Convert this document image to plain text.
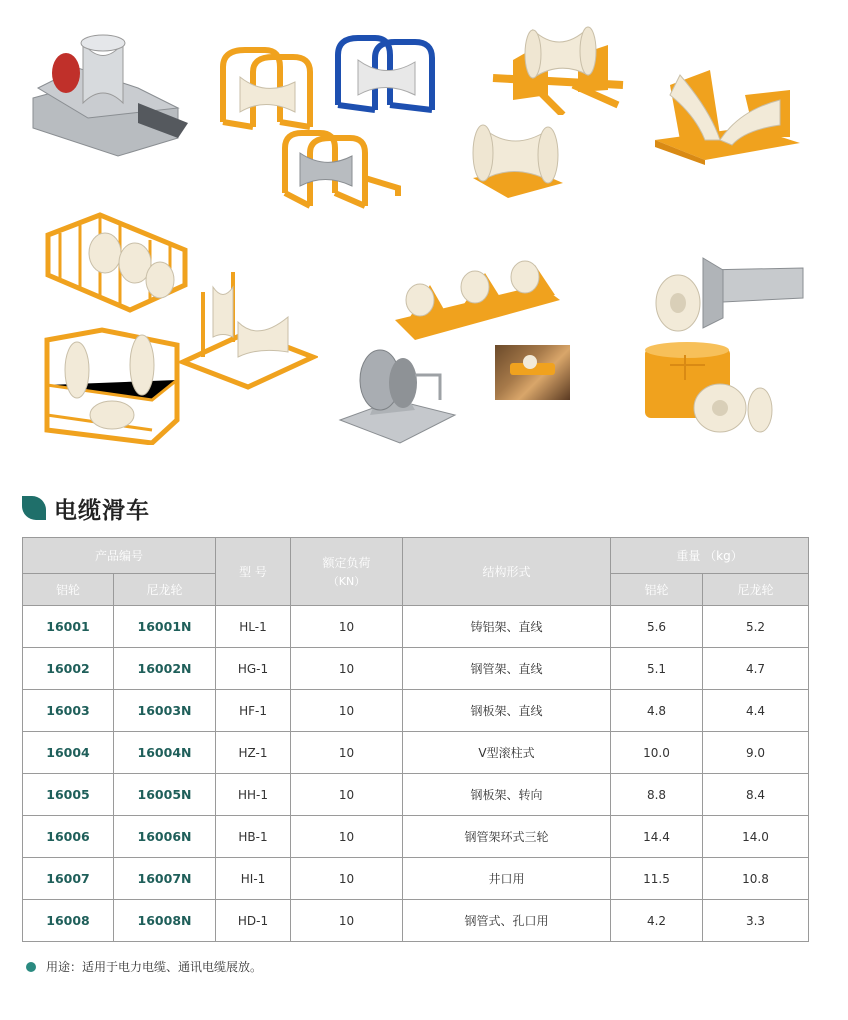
电缆滑车
产品编号		型 号	额定负荷
（KN）	结构形式	重量 （kg）	
铝轮	尼龙轮				铝轮	尼龙轮
16001	16001N	HL-1	10	铸铝架、直线	5.6	5.2
16002	16002N	HG-1	10	钢管架、直线	5.1	4.7
16003	16003N	HF-1	10	钢板架、直线	4.8	4.4
16004	16004N	HZ-1	10	V型滚柱式	10.0	9.0
16005	16005N	HH-1	10	钢板架、转向	8.8	8.4
16006	16006N	HB-1	10	钢管架环式三轮	14.4	14.0
16007	16007N	HI-1	10	井口用	11.5	10.8
16008	16008N	HD-1	10	钢管式、孔口用	4.2	3.3
用途：适用于电力电缆、通讯电缆展放。
